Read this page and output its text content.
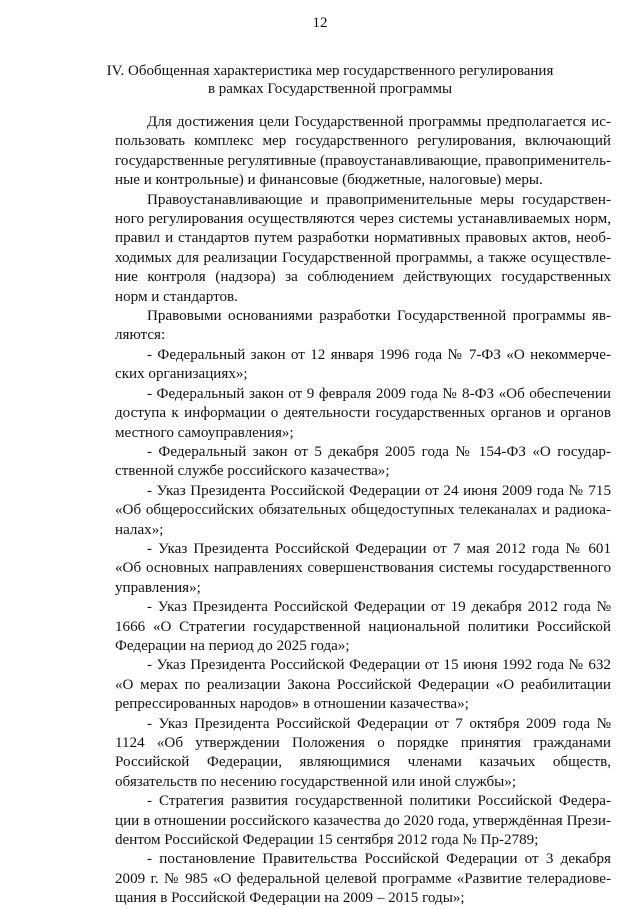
12
IV. Обобщенная характеристика мер государственного регулирования
в рамках Государственной программы

Для достижения цели Государственной программы предполагается использовать комплекс мер государственного регулирования, включающий государственные регулятивные (правоустанавливающие, правоприменительные и контрольные) и финансовые (бюджетные, налоговые) меры.

Правоустанавливающие и правоприменительные меры государственного регулирования осуществляются через системы устанавливаемых норм, правил и стандартов путем разработки нормативных правовых актов, необходимых для реализации Государственной программы, а также осуществление контроля (надзора) за соблюдением действующих государственных норм и стандартов.

Правовыми основаниями разработки Государственной программы являются:

- Федеральный закон от 12 января 1996 года № 7-ФЗ «О некоммерческих организациях»;

- Федеральный закон от 9 февраля 2009 года № 8-ФЗ «Об обеспечении доступа к информации о деятельности государственных органов и органов местного самоуправления»;

- Федеральный закон от 5 декабря 2005 года № 154-ФЗ «О государственной службе российского казачества»;

- Указ Президента Российской Федерации от 24 июня 2009 года № 715 «Об общероссийских обязательных общедоступных телеканалах и радиоканалах»;

- Указ Президента Российской Федерации от 7 мая 2012 года № 601 «Об основных направлениях совершенствования системы государственного управления»;

- Указ Президента Российской Федерации от 19 декабря 2012 года № 1666 «О Стратегии государственной национальной политики Российской Федерации на период до 2025 года»;

- Указ Президента Российской Федерации от 15 июня 1992 года № 632 «О мерах по реализации Закона Российской Федерации «О реабилитации репрессированных народов» в отношении казачества»;

- Указ Президента Российской Федерации от 7 октября 2009 года № 1124 «Об утверждении Положения о порядке принятия гражданами Российской Федерации, являющимися членами казачьих обществ, обязательств по несению государственной или иной службы»;

- Стратегия развития государственной политики Российской Федерации в отношении российского казачества до 2020 года, утверждённая Презиdентом Российской Федерации 15 сентября 2012 года № Пр-2789;

- постановление Правительства Российской Федерации от 3 декабря 2009 г. № 985 «О федеральной целевой программе «Развитие телерадиовещания в Российской Федерации на 2009 – 2015 годы»;
